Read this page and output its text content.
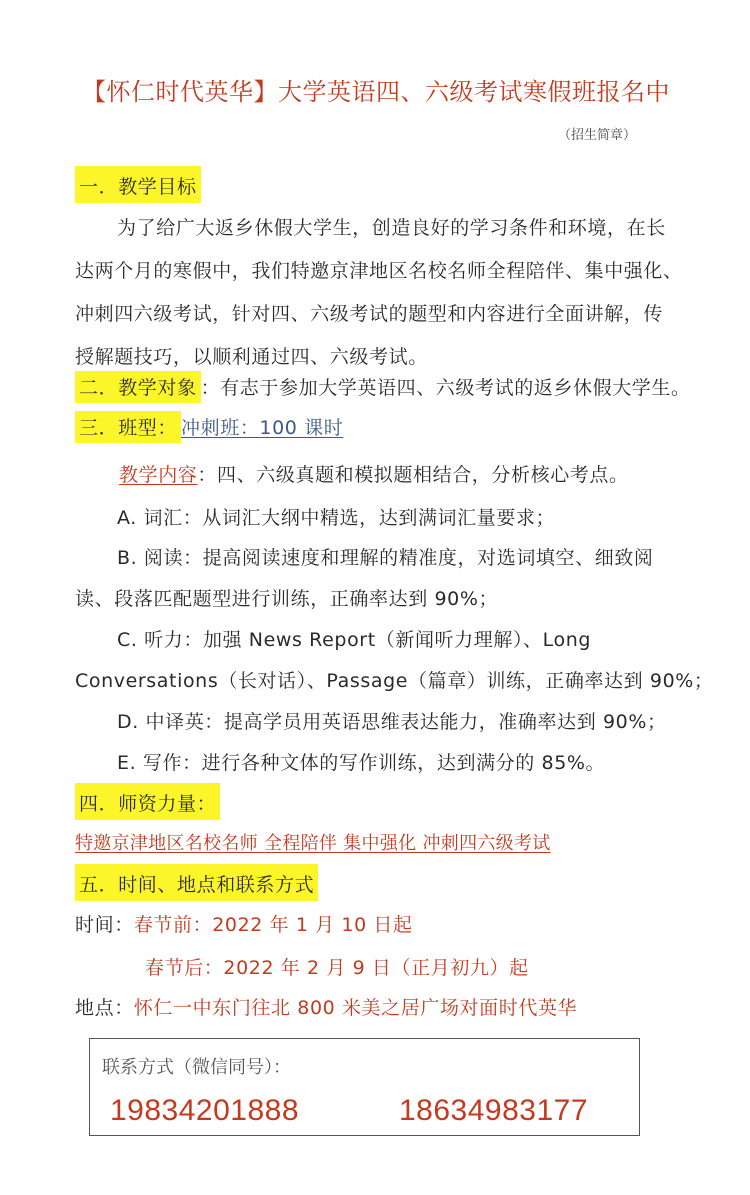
【怀仁时代英华】大学英语四、六级考试寒假班报名中
（招生简章）
一．教学目标
为了给广大返乡休假大学生，创造良好的学习条件和环境，在长
达两个月的寒假中，我们特邀京津地区名校名师全程陪伴、集中强化、
冲刺四六级考试，针对四、六级考试的题型和内容进行全面讲解，传
授解题技巧，以顺利通过四、六级考试。
二．教学对象 ：有志于参加大学英语四、六级考试的返乡休假大学生。
三．班型： 冲刺班：100 课时
教学内容：四、六级真题和模拟题相结合，分析核心考点。
A. 词汇：从词汇大纲中精选，达到满词汇量要求；
B. 阅读：提高阅读速度和理解的精准度，对选词填空、细致阅
读、段落匹配题型进行训练，正确率达到 90%；
C. 听力：加强 News Report（新闻听力理解）、Long
Conversations（长对话）、Passage（篇章）训练，正确率达到 90%；
D. 中译英：提高学员用英语思维表达能力，准确率达到 90%；
E. 写作：进行各种文体的写作训练，达到满分的 85%。
四．师资力量：
特邀京津地区名校名师 全程陪伴 集中强化 冲刺四六级考试
五．时间、地点和联系方式
时间：春节前：2022 年 1 月 10 日起
春节后：2022 年 2 月 9 日（正月初九）起
地点：怀仁一中东门往北 800 米美之居广场对面时代英华
联系方式（微信同号）：
19834201888	18634983177
